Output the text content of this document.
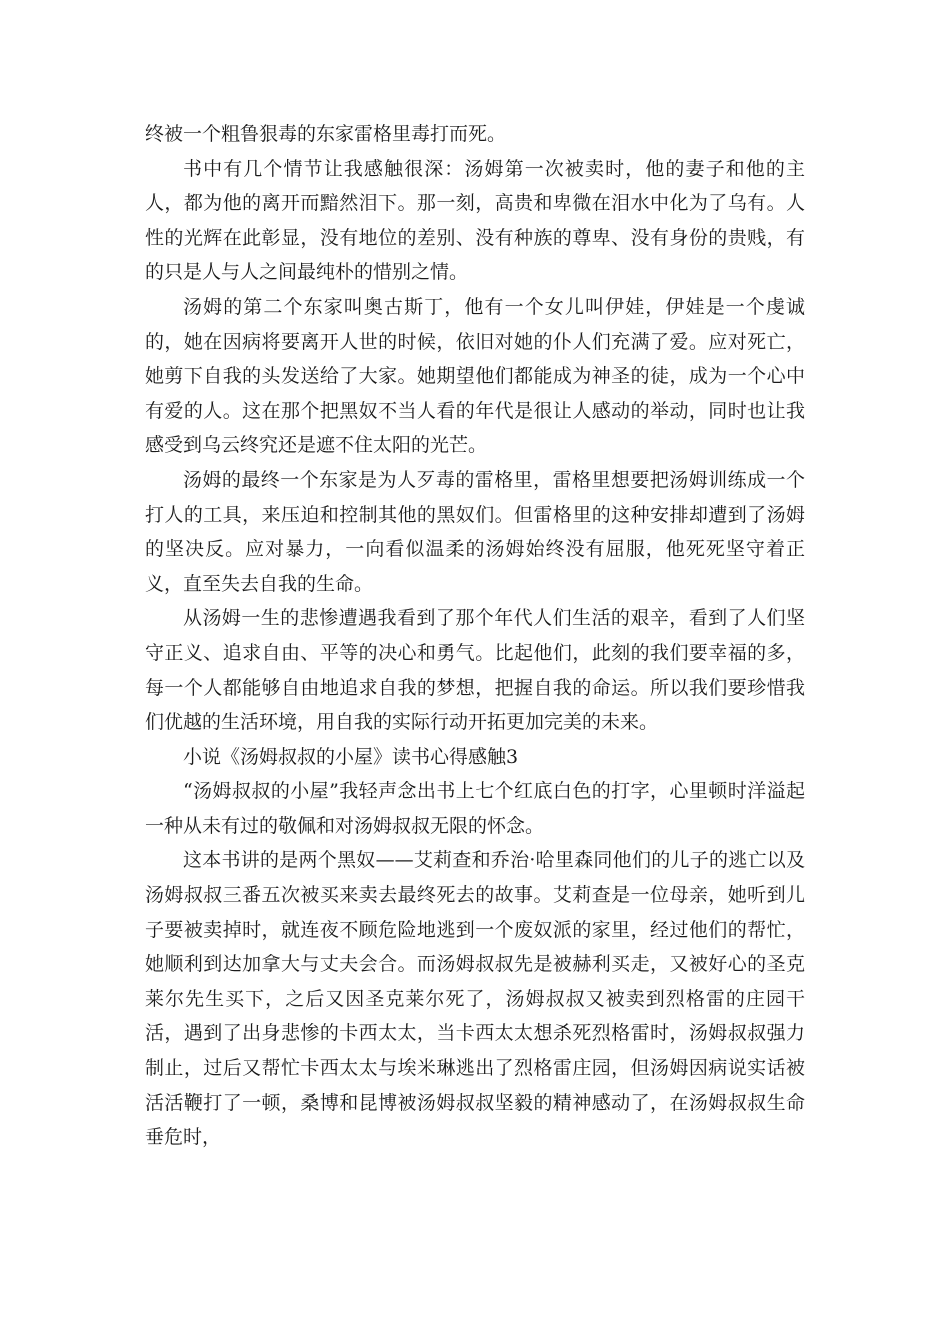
终被一个粗鲁狠毒的东家雷格里毒打而死。

书中有几个情节让我感触很深：汤姆第一次被卖时，他的妻子和他的主人，都为他的离开而黯然泪下。那一刻，高贵和卑微在泪水中化为了乌有。人性的光辉在此彰显，没有地位的差别、没有种族的尊卑、没有身份的贵贱，有的只是人与人之间最纯朴的惜别之情。

汤姆的第二个东家叫奥古斯丁，他有一个女儿叫伊娃，伊娃是一个虔诚的，她在因病将要离开人世的时候，依旧对她的仆人们充满了爱。应对死亡，她剪下自我的头发送给了大家。她期望他们都能成为神圣的徒，成为一个心中有爱的人。这在那个把黑奴不当人看的年代是很让人感动的举动，同时也让我感受到乌云终究还是遮不住太阳的光芒。

汤姆的最终一个东家是为人歹毒的雷格里，雷格里想要把汤姆训练成一个打人的工具，来压迫和控制其他的黑奴们。但雷格里的这种安排却遭到了汤姆的坚决反。应对暴力，一向看似温柔的汤姆始终没有屈服，他死死坚守着正义，直至失去自我的生命。

从汤姆一生的悲惨遭遇我看到了那个年代人们生活的艰辛，看到了人们坚守正义、追求自由、平等的决心和勇气。比起他们，此刻的我们要幸福的多，每一个人都能够自由地追求自我的梦想，把握自我的命运。所以我们要珍惜我们优越的生活环境，用自我的实际行动开拓更加完美的未来。

小说《汤姆叔叔的小屋》读书心得感触3

“汤姆叔叔的小屋”我轻声念出书上七个红底白色的打字，心里顿时洋溢起一种从未有过的敬佩和对汤姆叔叔无限的怀念。

这本书讲的是两个黑奴——艾莉查和乔治·哈里森同他们的儿子的逃亡以及汤姆叔叔三番五次被买来卖去最终死去的故事。艾莉查是一位母亲，她听到儿子要被卖掉时，就连夜不顾危险地逃到一个废奴派的家里，经过他们的帮忙，她顺利到达加拿大与丈夫会合。而汤姆叔叔先是被赫利买走，又被好心的圣克莱尔先生买下，之后又因圣克莱尔死了，汤姆叔叔又被卖到烈格雷的庄园干活，遇到了出身悲惨的卡西太太，当卡西太太想杀死烈格雷时，汤姆叔叔强力制止，过后又帮忙卡西太太与埃米琳逃出了烈格雷庄园，但汤姆因病说实话被活活鞭打了一顿，桑博和昆博被汤姆叔叔坚毅的精神感动了，在汤姆叔叔生命垂危时，
